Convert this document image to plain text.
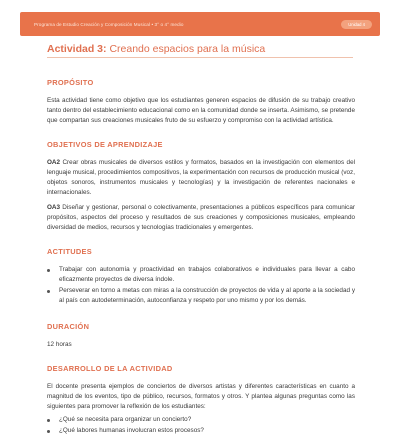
Programa de Estudio Creación y Composición Musical • 3° o 4° medio	Unidad 4
Actividad 3: Creando espacios para la música
PROPÓSITO

Esta actividad tiene como objetivo que los estudiantes generen espacios de difusión de su trabajo creativo tanto dentro del establecimiento educacional como en la comunidad donde se inserta. Asimismo, se pretende que compartan sus creaciones musicales fruto de su esfuerzo y compromiso con la actividad artística.

OBJETIVOS DE APRENDIZAJE

OA2 Crear obras musicales de diversos estilos y formatos, basados en la investigación con elementos del lenguaje musical, procedimientos compositivos, la experimentación con recursos de producción musical (voz, objetos sonoros, instrumentos musicales y tecnologías) y la investigación de referentes nacionales e internacionales.

OA3 Diseñar y gestionar, personal o colectivamente, presentaciones a públicos específicos para comunicar propósitos, aspectos del proceso y resultados de sus creaciones y composiciones musicales, empleando diversidad de medios, recursos y tecnologías tradicionales y emergentes.

ACTITUDES
Trabajar con autonomía y proactividad en trabajos colaborativos e individuales para llevar a cabo eficazmente proyectos de diversa índole.
Perseverar en torno a metas con miras a la construcción de proyectos de vida y al aporte a la sociedad y al país con autodeterminación, autoconfianza y respeto por uno mismo y por los demás.
DURACIÓN

12 horas

DESARROLLO DE LA ACTIVIDAD

El docente presenta ejemplos de conciertos de diversos artistas y diferentes características en cuanto a magnitud de los eventos, tipo de público, recursos, formatos y otros. Y plantea algunas preguntas como las siguientes para promover la reflexión de los estudiantes:

¿Qué se necesita para organizar un concierto?
¿Qué labores humanas involucran estos procesos?
